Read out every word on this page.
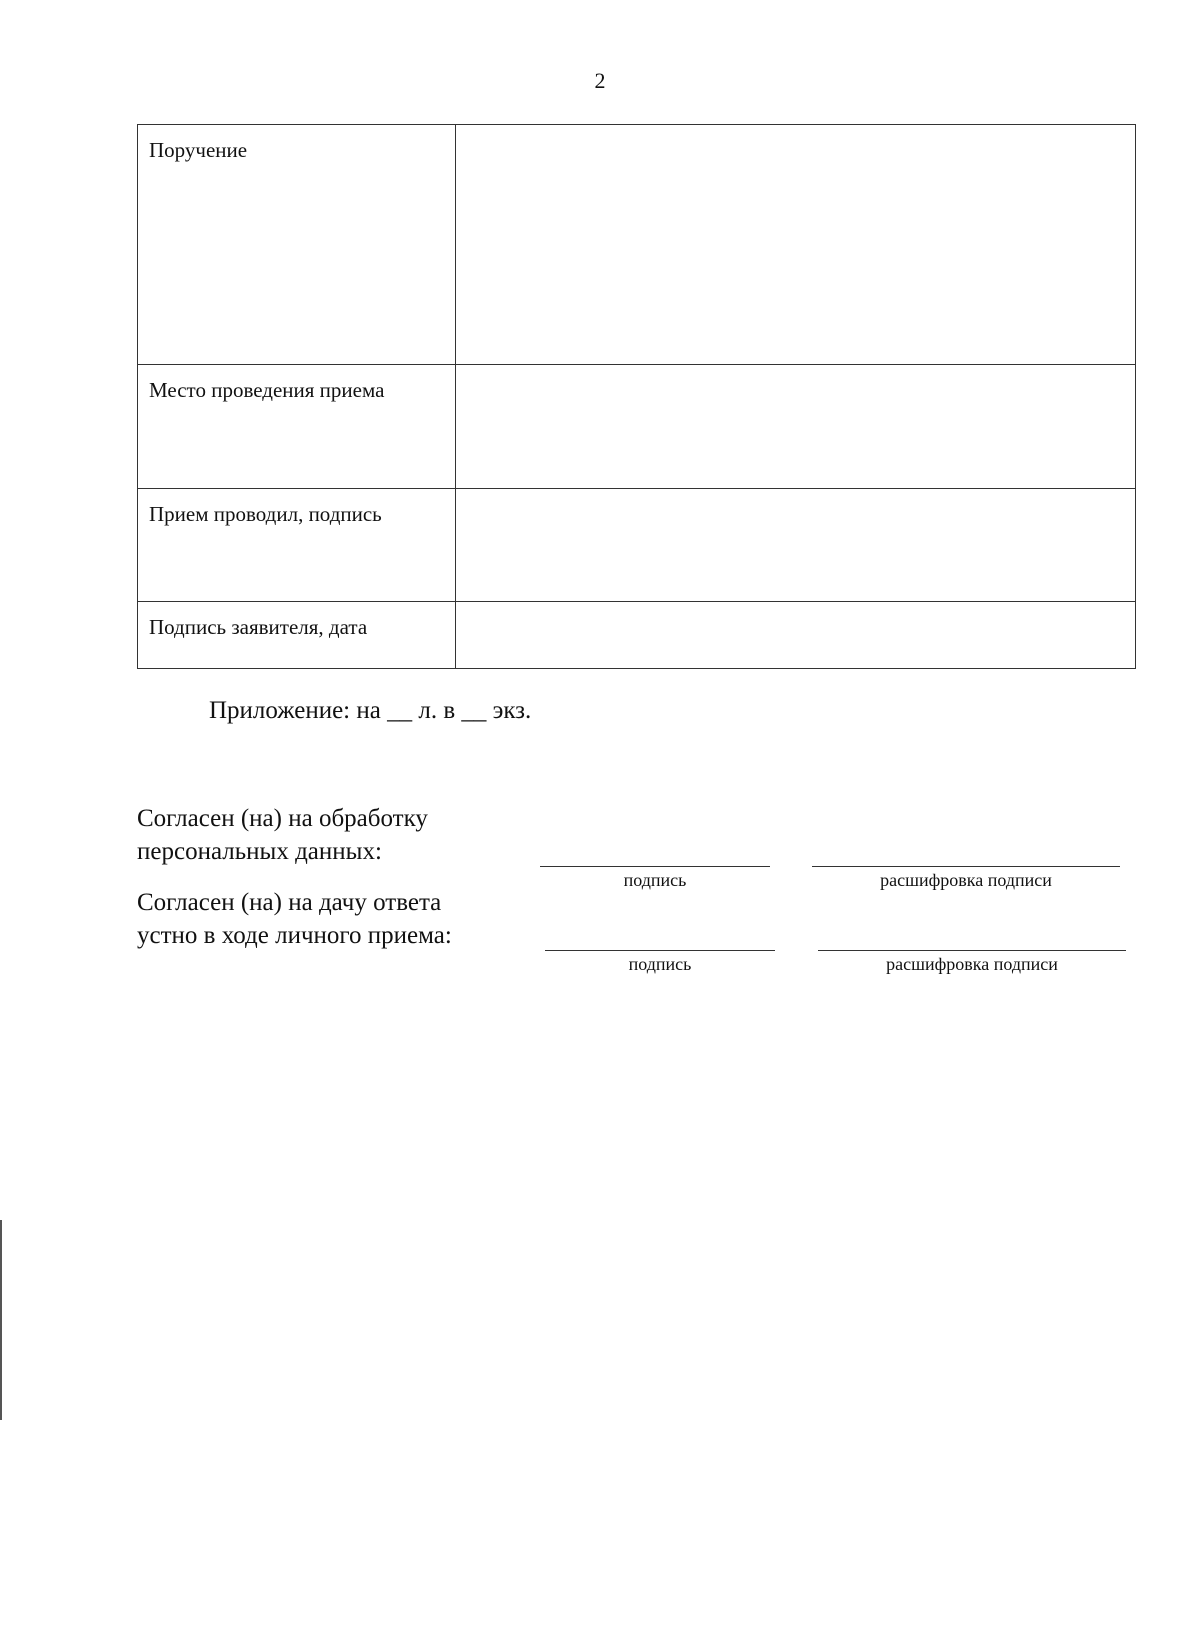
2
Поручение	
Место проведения приема	
Прием проводил, подпись	
Подпись заявителя, дата	
Приложение: на __ л. в __ экз.
Согласен (на) на обработку
персональных данных:
подпись	расшифровка подписи
Согласен (на) на дачу ответа
устно в ходе личного приема:
подпись	расшифровка подписи
